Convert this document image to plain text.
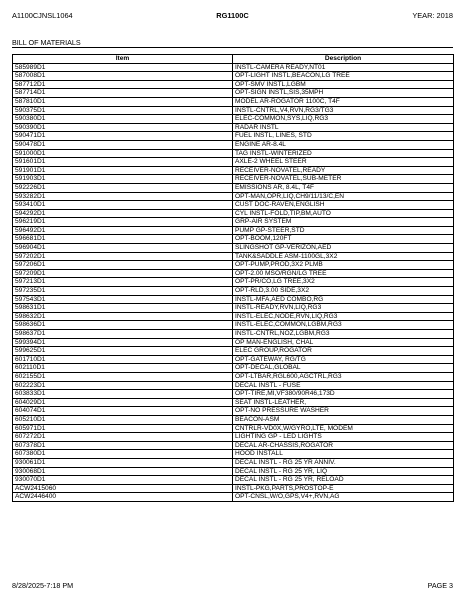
A1100CJNSL1064	RG1100C	YEAR: 2018
BILL OF MATERIALS
Item	Description
585989D1	INSTL-CAMERA READY,NT01
587008D1	OPT-LIGHT INSTL,BEACON,LG TREE
587712D1	OPT-SMV INSTL,LGBM
587714D1	OPT-SIGN INSTL,SIS,35MPH
587810D1	MODEL AR-ROGATOR 1100C, T4F
590375D1	INSTL-CNTRL,V4,RVN,RG3/TG3
590380D1	ELEC-COMMON,SYS,LIQ,RG3
590390D1	RADAR INSTL
590471D1	FUEL INSTL, LINES, STD
590478D1	ENGINE AR-8.4L
591000D1	TAG INSTL-WINTERIZED
591601D1	AXLE-2 WHEEL STEER
591901D1	RECEIVER-NOVATEL,READY
591903D1	RECEIVER-NOVATEL,SUB-METER
592226D1	EMISSIONS AR, 8.4L, T4F
593282D1	OPT-MAN,OPR,LIQ,CH9/11/13/C,EN
593410D1	CUST DOC-RAVEN,ENGLISH
594292D1	CYL INSTL-FOLD,TIP,BM,AUTO
596219D1	GRP-AIR SYSTEM
596492D1	PUMP GP-STEER,STD
596681D1	OPT-BOOM,120FT
596904D1	SLINGSHOT GP-VERIZON,AED
597202D1	TANK&SADDLE ASM-1100GL,3X2
597206D1	OPT-PUMP,PROD,3X2 PLMB
597209D1	OPT-2.00 MSO/RGN/LG TREE
597213D1	OPT-PR/CO,LG TREE,3X2
597235D1	OPT-RLD,3.00 SIDE,3X2
597543D1	INSTL-MFA,AED COMBO,RG
598631D1	INSTL-READY,RVN,LIQ,RG3
598632D1	INSTL-ELEC,NODE,RVN,LIQ,RG3
598636D1	INSTL-ELEC,COMMON,LGBM,RG3
598637D1	INSTL-CNTRL,NOZ,LGBM,RG3
599394D1	OP MAN-ENGLISH, CHAL
599625D1	ELEC GROUP,ROGATOR
601710D1	OPT-GATEWAY, RG/TG
602110D1	OPT-DECAL,GLOBAL
602155D1	OPT-LTBAR,RGL600,AGCTRL,RG3
602223D1	DECAL INSTL - FUSE
603833D1	OPT-TIRE,MI,VF380/90R46,173D
604029D1	SEAT INSTL-LEATHER,
604074D1	OPT-NO PRESSURE WASHER
605210D1	BEACON-ASM
605971D1	CNTRLR-VD0X,W/GYRO,LTE, MODEM
607272D1	LIGHTING GP - LED LIGHTS
607378D1	DECAL AR-CHASSIS,ROGATOR
607380D1	HOOD INSTALL
930061D1	DECAL INSTL - RG 25 YR ANNIV.
930068D1	DECAL INSTL - RG 25 YR, LIQ
930070D1	DECAL INSTL - RG 25 YR, RELOAD
ACW2415060	INSTL-PKG,PARTS,PROSTOP-E
ACW2446400	OPT-CNSL,W/O,GPS,V4+,RVN,AG
8/28/2025-7:18 PM	PAGE 3
